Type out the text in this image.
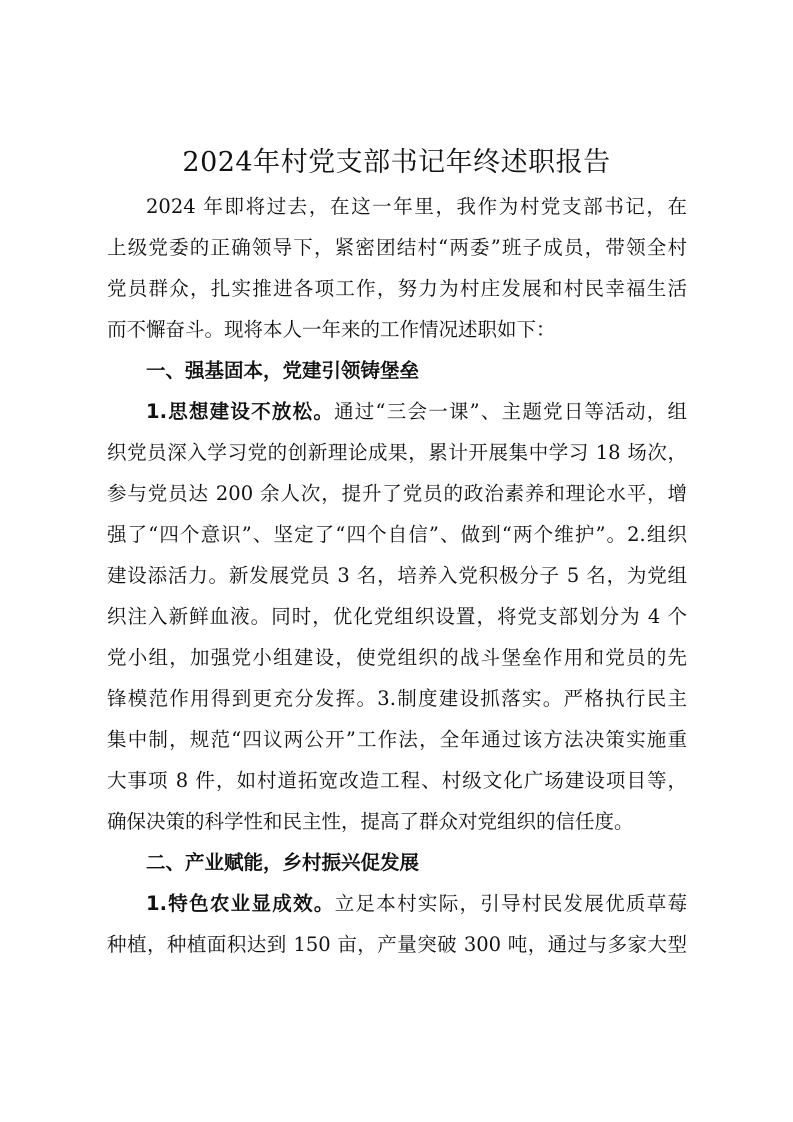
2024年村党支部书记年终述职报告
2024 年即将过去，在这一年里，我作为村党支部书记，在
上级党委的正确领导下，紧密团结村“两委”班子成员，带领全村
党员群众，扎实推进各项工作，努力为村庄发展和村民幸福生活
而不懈奋斗。现将本人一年来的工作情况述职如下：
一、强基固本，党建引领铸堡垒
1.思想建设不放松。通过“三会一课”、主题党日等活动，组
织党员深入学习党的创新理论成果，累计开展集中学习 18 场次，
参与党员达 200 余人次，提升了党员的政治素养和理论水平，增
强了“四个意识”、坚定了“四个自信”、做到“两个维护”。2.组织
建设添活力。新发展党员 3 名，培养入党积极分子 5 名，为党组
织注入新鲜血液。同时，优化党组织设置，将党支部划分为 4 个
党小组，加强党小组建设，使党组织的战斗堡垒作用和党员的先
锋模范作用得到更充分发挥。3.制度建设抓落实。严格执行民主
集中制，规范“四议两公开”工作法，全年通过该方法决策实施重
大事项 8 件，如村道拓宽改造工程、村级文化广场建设项目等，
确保决策的科学性和民主性，提高了群众对党组织的信任度。
二、产业赋能，乡村振兴促发展
1.特色农业显成效。立足本村实际，引导村民发展优质草莓
种植，种植面积达到 150 亩，产量突破 300 吨，通过与多家大型
